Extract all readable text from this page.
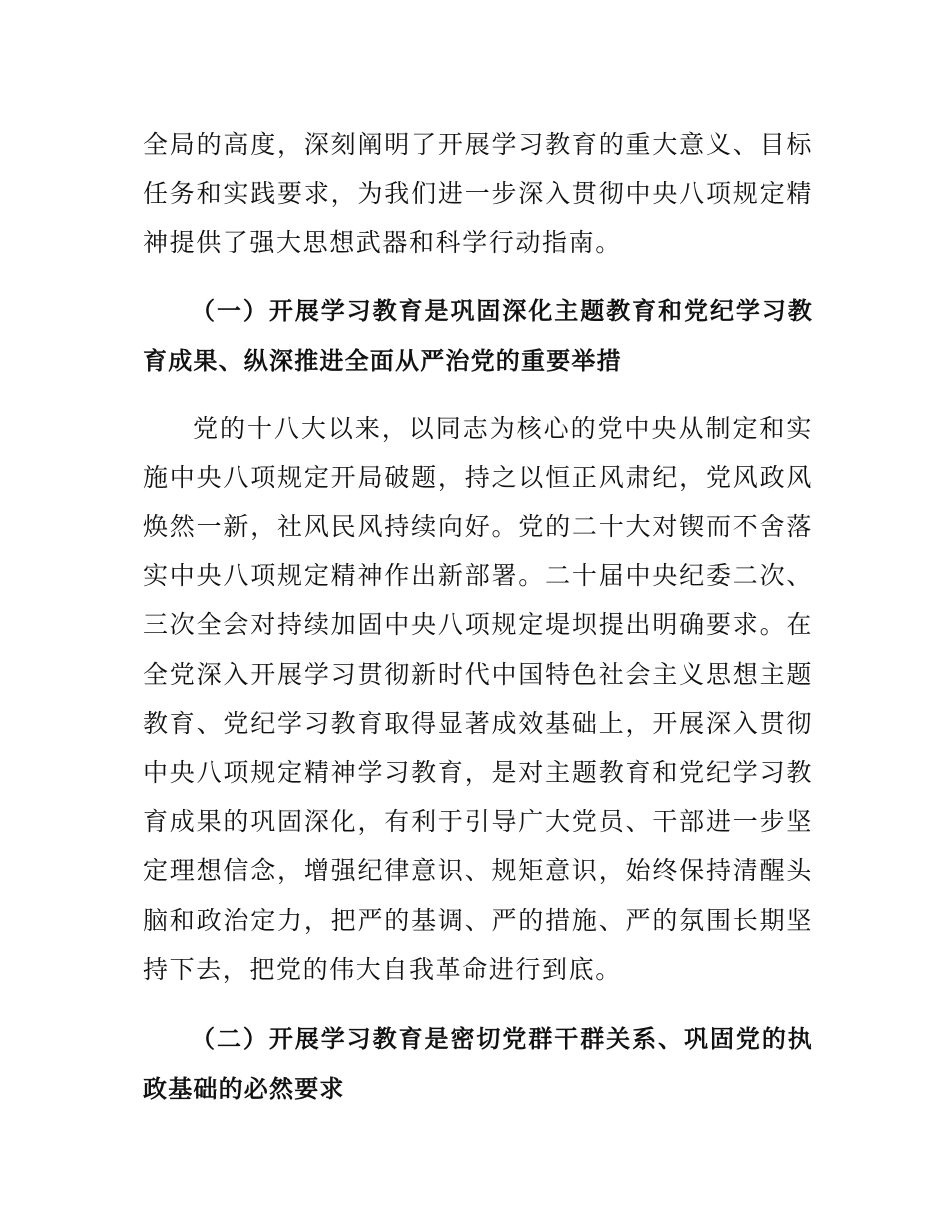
全局的高度，深刻阐明了开展学习教育的重大意义、目标任务和实践要求，为我们进一步深入贯彻中央八项规定精神提供了强大思想武器和科学行动指南。

（一）开展学习教育是巩固深化主题教育和党纪学习教育成果、纵深推进全面从严治党的重要举措

党的十八大以来，以同志为核心的党中央从制定和实施中央八项规定开局破题，持之以恒正风肃纪，党风政风焕然一新，社风民风持续向好。党的二十大对锲而不舍落实中央八项规定精神作出新部署。二十届中央纪委二次、三次全会对持续加固中央八项规定堤坝提出明确要求。在全党深入开展学习贯彻新时代中国特色社会主义思想主题教育、党纪学习教育取得显著成效基础上，开展深入贯彻中央八项规定精神学习教育，是对主题教育和党纪学习教育成果的巩固深化，有利于引导广大党员、干部进一步坚定理想信念，增强纪律意识、规矩意识，始终保持清醒头脑和政治定力，把严的基调、严的措施、严的氛围长期坚持下去，把党的伟大自我革命进行到底。

（二）开展学习教育是密切党群干群关系、巩固党的执政基础的必然要求
